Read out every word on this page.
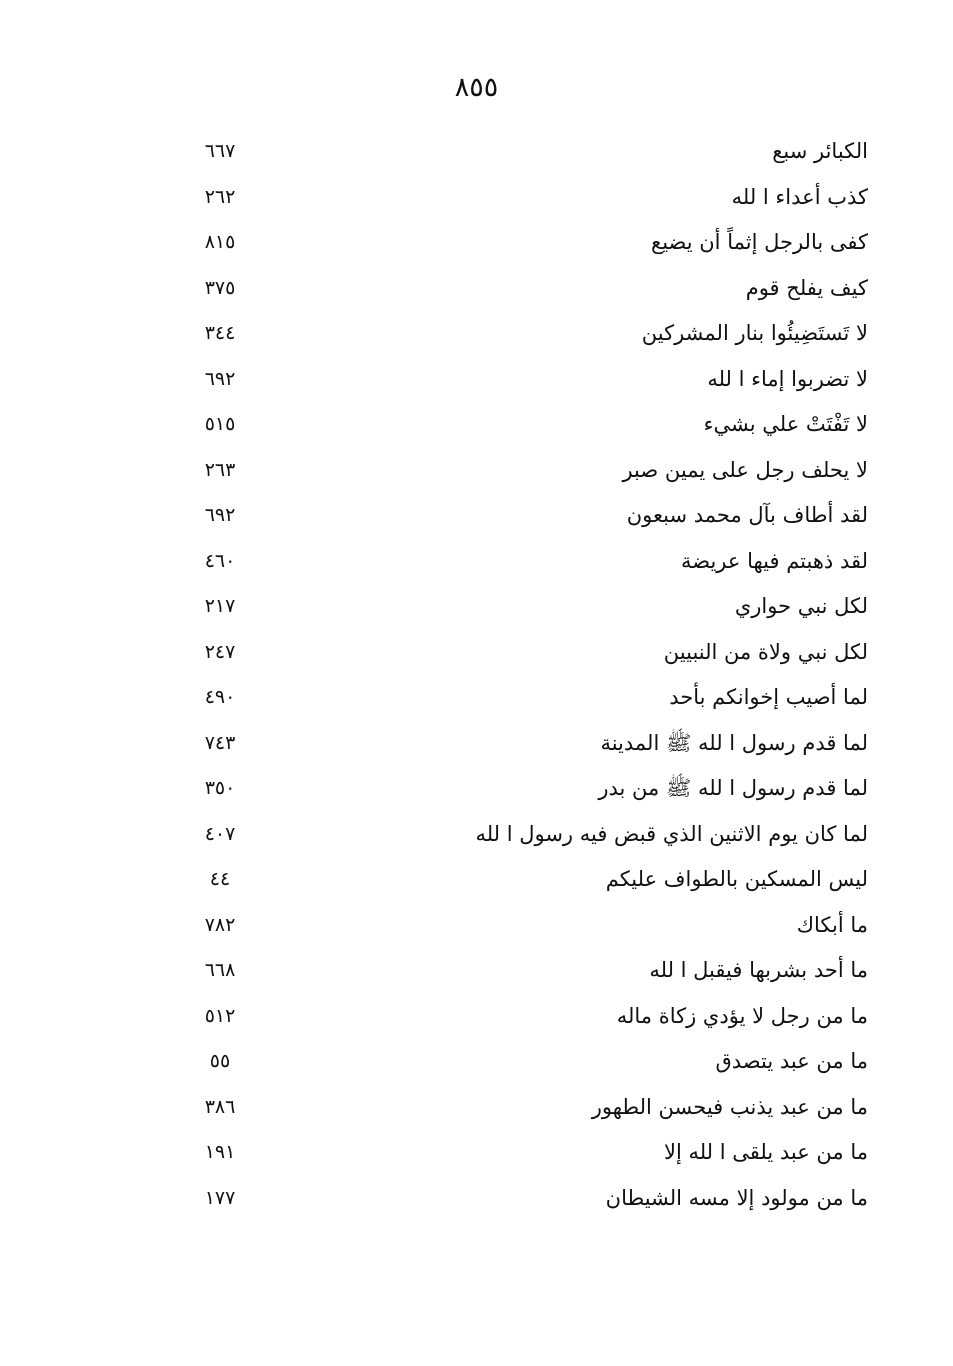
٨٥٥
الكبائر سبع
٦٦٧
كذب أعداء ا لله
٢٦٢
كفى بالرجل إثماً أن يضيع
٨١٥
كيف يفلح قوم
٣٧٥
لا تَستَضِيئُوا بنار المشركين
٣٤٤
لا تضربوا إماء ا لله
٦٩٢
لا تَفْتَتْ علي بشيء
٥١٥
لا يحلف رجل على يمين صبر
٢٦٣
لقد أطاف بآل محمد سبعون
٦٩٢
لقد ذهبتم فيها عريضة
٤٦٠
لكل نبي حواري
٢١٧
لكل نبي ولاة من النبيين
٢٤٧
لما أصيب إخوانكم بأحد
٤٩٠
لما قدم رسول ا لله ﷺ المدينة
٧٤٣
لما قدم رسول ا لله ﷺ من بدر
٣٥٠
لما كان يوم الاثنين الذي قبض فيه رسول ا لله
٤٠٧
ليس المسكين بالطواف عليكم
٤٤
ما أبكاك
٧٨٢
ما أحد بشربها فيقبل ا لله
٦٦٨
ما من رجل لا يؤدي زكاة ماله
٥١٢
ما من عبد يتصدق
٥٥
ما من عبد يذنب فيحسن الطهور
٣٨٦
ما من عبد يلقى ا لله إلا
١٩١
ما من مولود إلا مسه الشيطان
١٧٧
